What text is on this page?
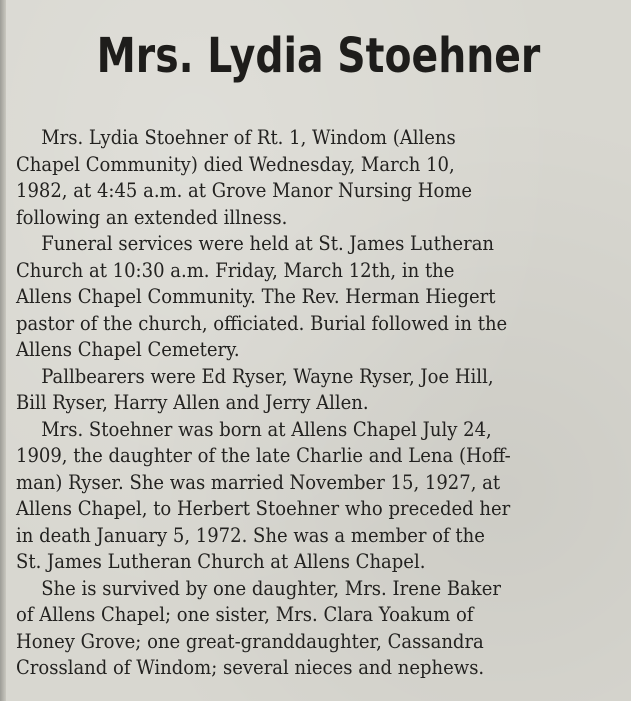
Mrs. Lydia Stoehner

Mrs. Lydia Stoehner of Rt. 1, Windom (Allens
Chapel Community) died Wednesday, March 10,
1982, at 4:45 a.m. at Grove Manor Nursing Home
following an extended illness.

Funeral services were held at St. James Lutheran
Church at 10:30 a.m. Friday, March 12th, in the
Allens Chapel Community. The Rev. Herman Hiegert
pastor of the church, officiated. Burial followed in the
Allens Chapel Cemetery.

Pallbearers were Ed Ryser, Wayne Ryser, Joe Hill,
Bill Ryser, Harry Allen and Jerry Allen.

Mrs. Stoehner was born at Allens Chapel July 24,
1909, the daughter of the late Charlie and Lena (Hoff-
man) Ryser. She was married November 15, 1927, at
Allens Chapel, to Herbert Stoehner who preceded her
in death January 5, 1972. She was a member of the
St. James Lutheran Church at Allens Chapel.

She is survived by one daughter, Mrs. Irene Baker
of Allens Chapel; one sister, Mrs. Clara Yoakum of
Honey Grove; one great-granddaughter, Cassandra
Crossland of Windom; several nieces and nephews.
